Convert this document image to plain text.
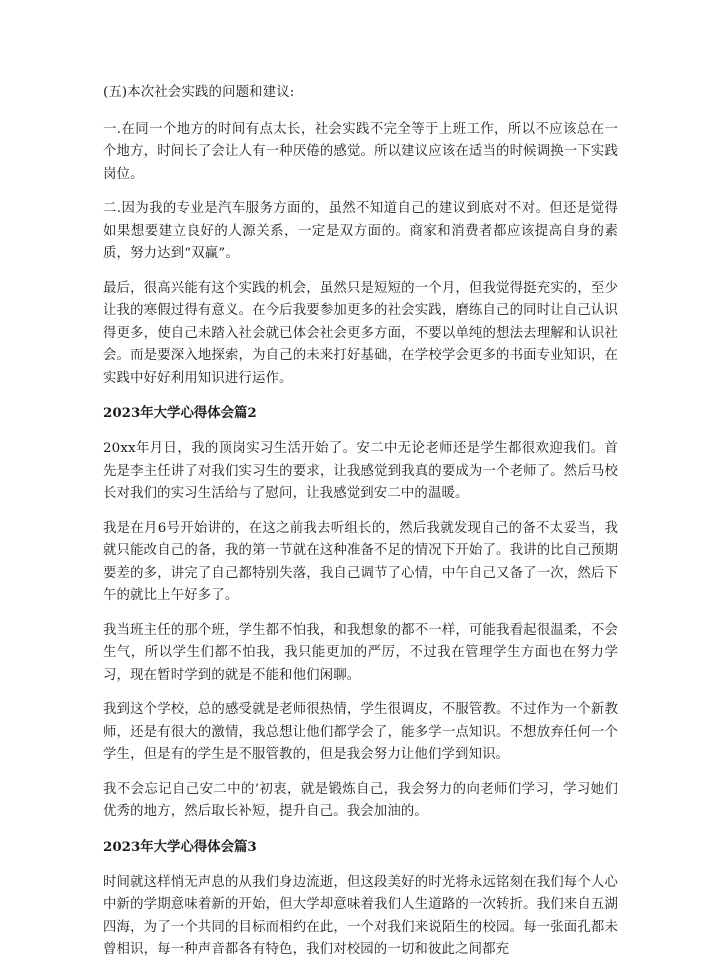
(五)本次社会实践的问题和建议:

一.在同一个地方的时间有点太长，社会实践不完全等于上班工作，所以不应该总在一个地方，时间长了会让人有一种厌倦的感觉。所以建议应该在适当的时候调换一下实践岗位。

二.因为我的专业是汽车服务方面的，虽然不知道自己的建议到底对不对。但还是觉得如果想要建立良好的人源关系，一定是双方面的。商家和消费者都应该提高自身的素质，努力达到“双赢”。

最后，很高兴能有这个实践的机会，虽然只是短短的一个月，但我觉得挺充实的，至少让我的寒假过得有意义。在今后我要参加更多的社会实践，磨练自己的同时让自己认识得更多，使自己未踏入社会就已体会社会更多方面，不要以单纯的想法去理解和认识社会。而是要深入地探索，为自己的未来打好基础，在学校学会更多的书面专业知识，在实践中好好利用知识进行运作。

2023年大学心得体会篇2

20xx年月日，我的顶岗实习生活开始了。安二中无论老师还是学生都很欢迎我们。首先是李主任讲了对我们实习生的要求，让我感觉到我真的要成为一个老师了。然后马校长对我们的实习生活给与了慰问，让我感觉到安二中的温暖。

我是在月6号开始讲的，在这之前我去听组长的，然后我就发现自己的备不太妥当，我就只能改自己的备，我的第一节就在这种准备不足的情况下开始了。我讲的比自己预期要差的多，讲完了自己都特别失落，我自己调节了心情，中午自己又备了一次，然后下午的就比上午好多了。

我当班主任的那个班，学生都不怕我，和我想象的都不一样，可能我看起很温柔，不会生气，所以学生们都不怕我，我只能更加的严厉，不过我在管理学生方面也在努力学习，现在暂时学到的就是不能和他们闲聊。

我到这个学校，总的感受就是老师很热情，学生很调皮，不服管教。不过作为一个新教师，还是有很大的激情，我总想让他们都学会了，能多学一点知识。不想放弃任何一个学生，但是有的学生是不服管教的，但是我会努力让他们学到知识。

我不会忘记自己安二中的’初衷，就是锻炼自己，我会努力的向老师们学习，学习她们优秀的地方，然后取长补短，提升自己。我会加油的。

2023年大学心得体会篇3

时间就这样悄无声息的从我们身边流逝，但这段美好的时光将永远铭刻在我们每个人心中新的学期意味着新的开始，但大学却意味着我们人生道路的一次转折。我们来自五湖四海，为了一个共同的目标而相约在此，一个对我们来说陌生的校园。每一张面孔都未曾相识，每一种声音都各有特色，我们对校园的一切和彼此之间都充
